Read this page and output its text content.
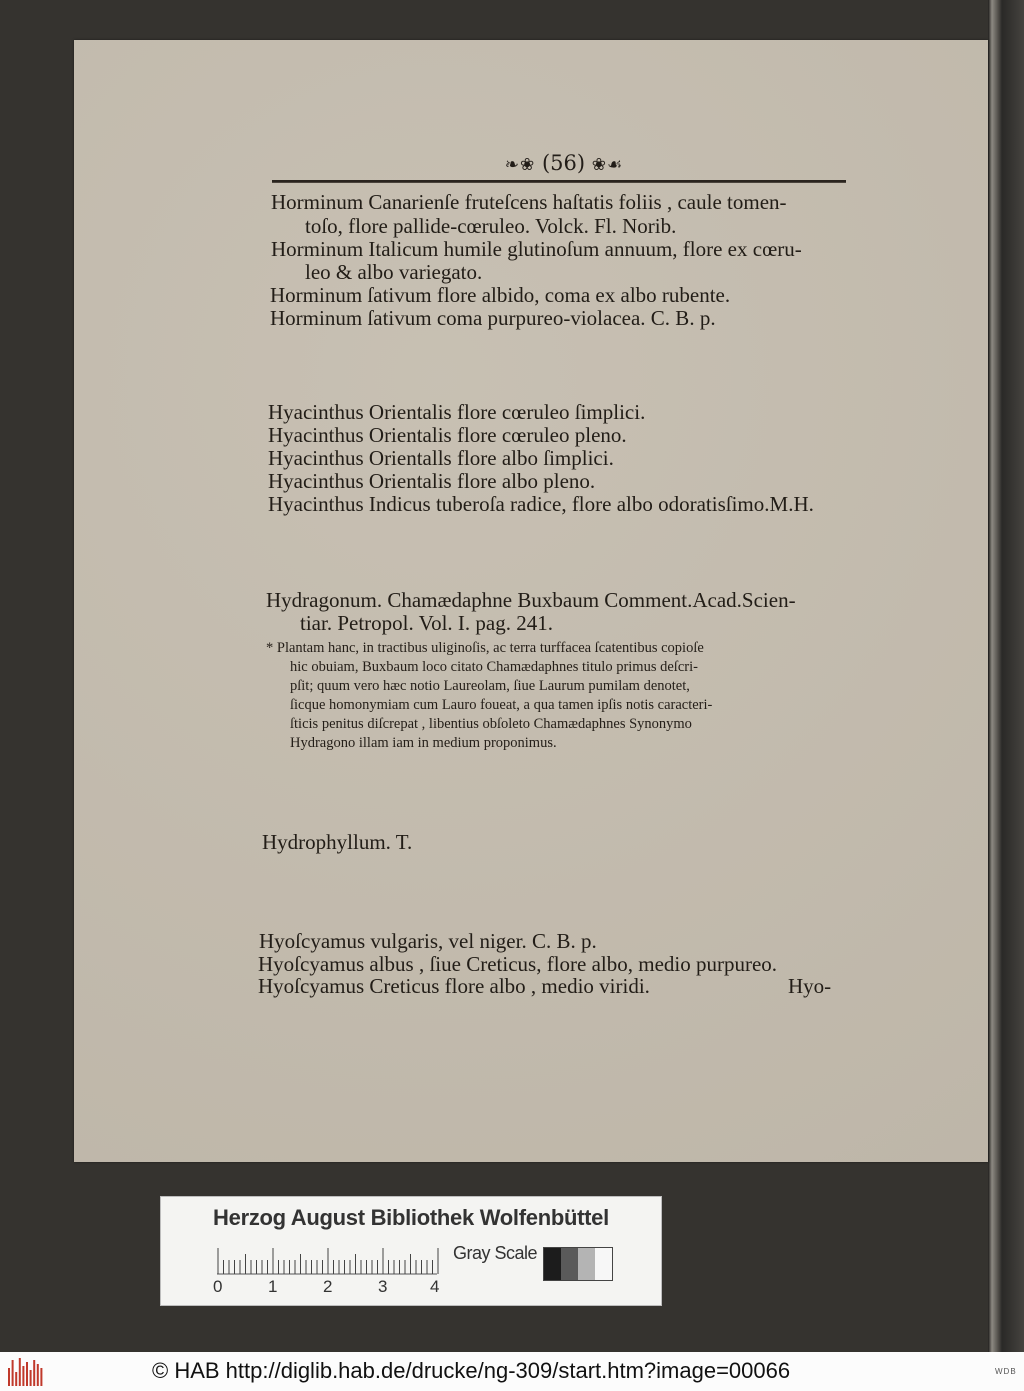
❧❀ (56) ❀☙
Horminum Canarienſe fruteſcens haſtatis foliis , caule tomen-
toſo, flore pallide-cœruleo. Volck. Fl. Norib.
Horminum Italicum humile glutinoſum annuum, flore ex cœru-
leo & albo variegato.
Horminum ſativum flore albido, coma ex albo rubente.
Horminum ſativum coma purpureo-violacea. C. B. p.
Hyacinthus Orientalis flore cœruleo ſimplici.
Hyacinthus Orientalis flore cœruleo pleno.
Hyacinthus Orientalls flore albo ſimplici.
Hyacinthus Orientalis flore albo pleno.
Hyacinthus Indicus tuberoſa radice, flore albo odoratisſimo.M.H.
Hydragonum. Chamædaphne Buxbaum Comment.Acad.Scien-
tiar. Petropol. Vol. I. pag. 241.
* Plantam hanc, in tractibus uliginoſis, ac terra turffacea ſcatentibus copioſe
hic obuiam, Buxbaum loco citato Chamædaphnes titulo primus deſcri-
pſit; quum vero hæc notio Laureolam, ſiue Laurum pumilam denotet,
ſicque homonymiam cum Lauro foueat, a qua tamen ipſis notis caracteri-
ſticis penitus diſcrepat , libentius obſoleto Chamædaphnes Synonymo
Hydragono illam iam in medium proponimus.
Hydrophyllum. T.
Hyoſcyamus vulgaris, vel niger. C. B. p.
Hyoſcyamus albus , ſiue Creticus, flore albo, medio purpureo.
Hyoſcyamus Creticus flore albo , medio viridi.	Hyo-
Herzog August Bibliothek Wolfenbüttel
0	1	2	3	4
Gray Scale
© HAB http://diglib.hab.de/drucke/ng-309/start.htm?image=00066	WDB
